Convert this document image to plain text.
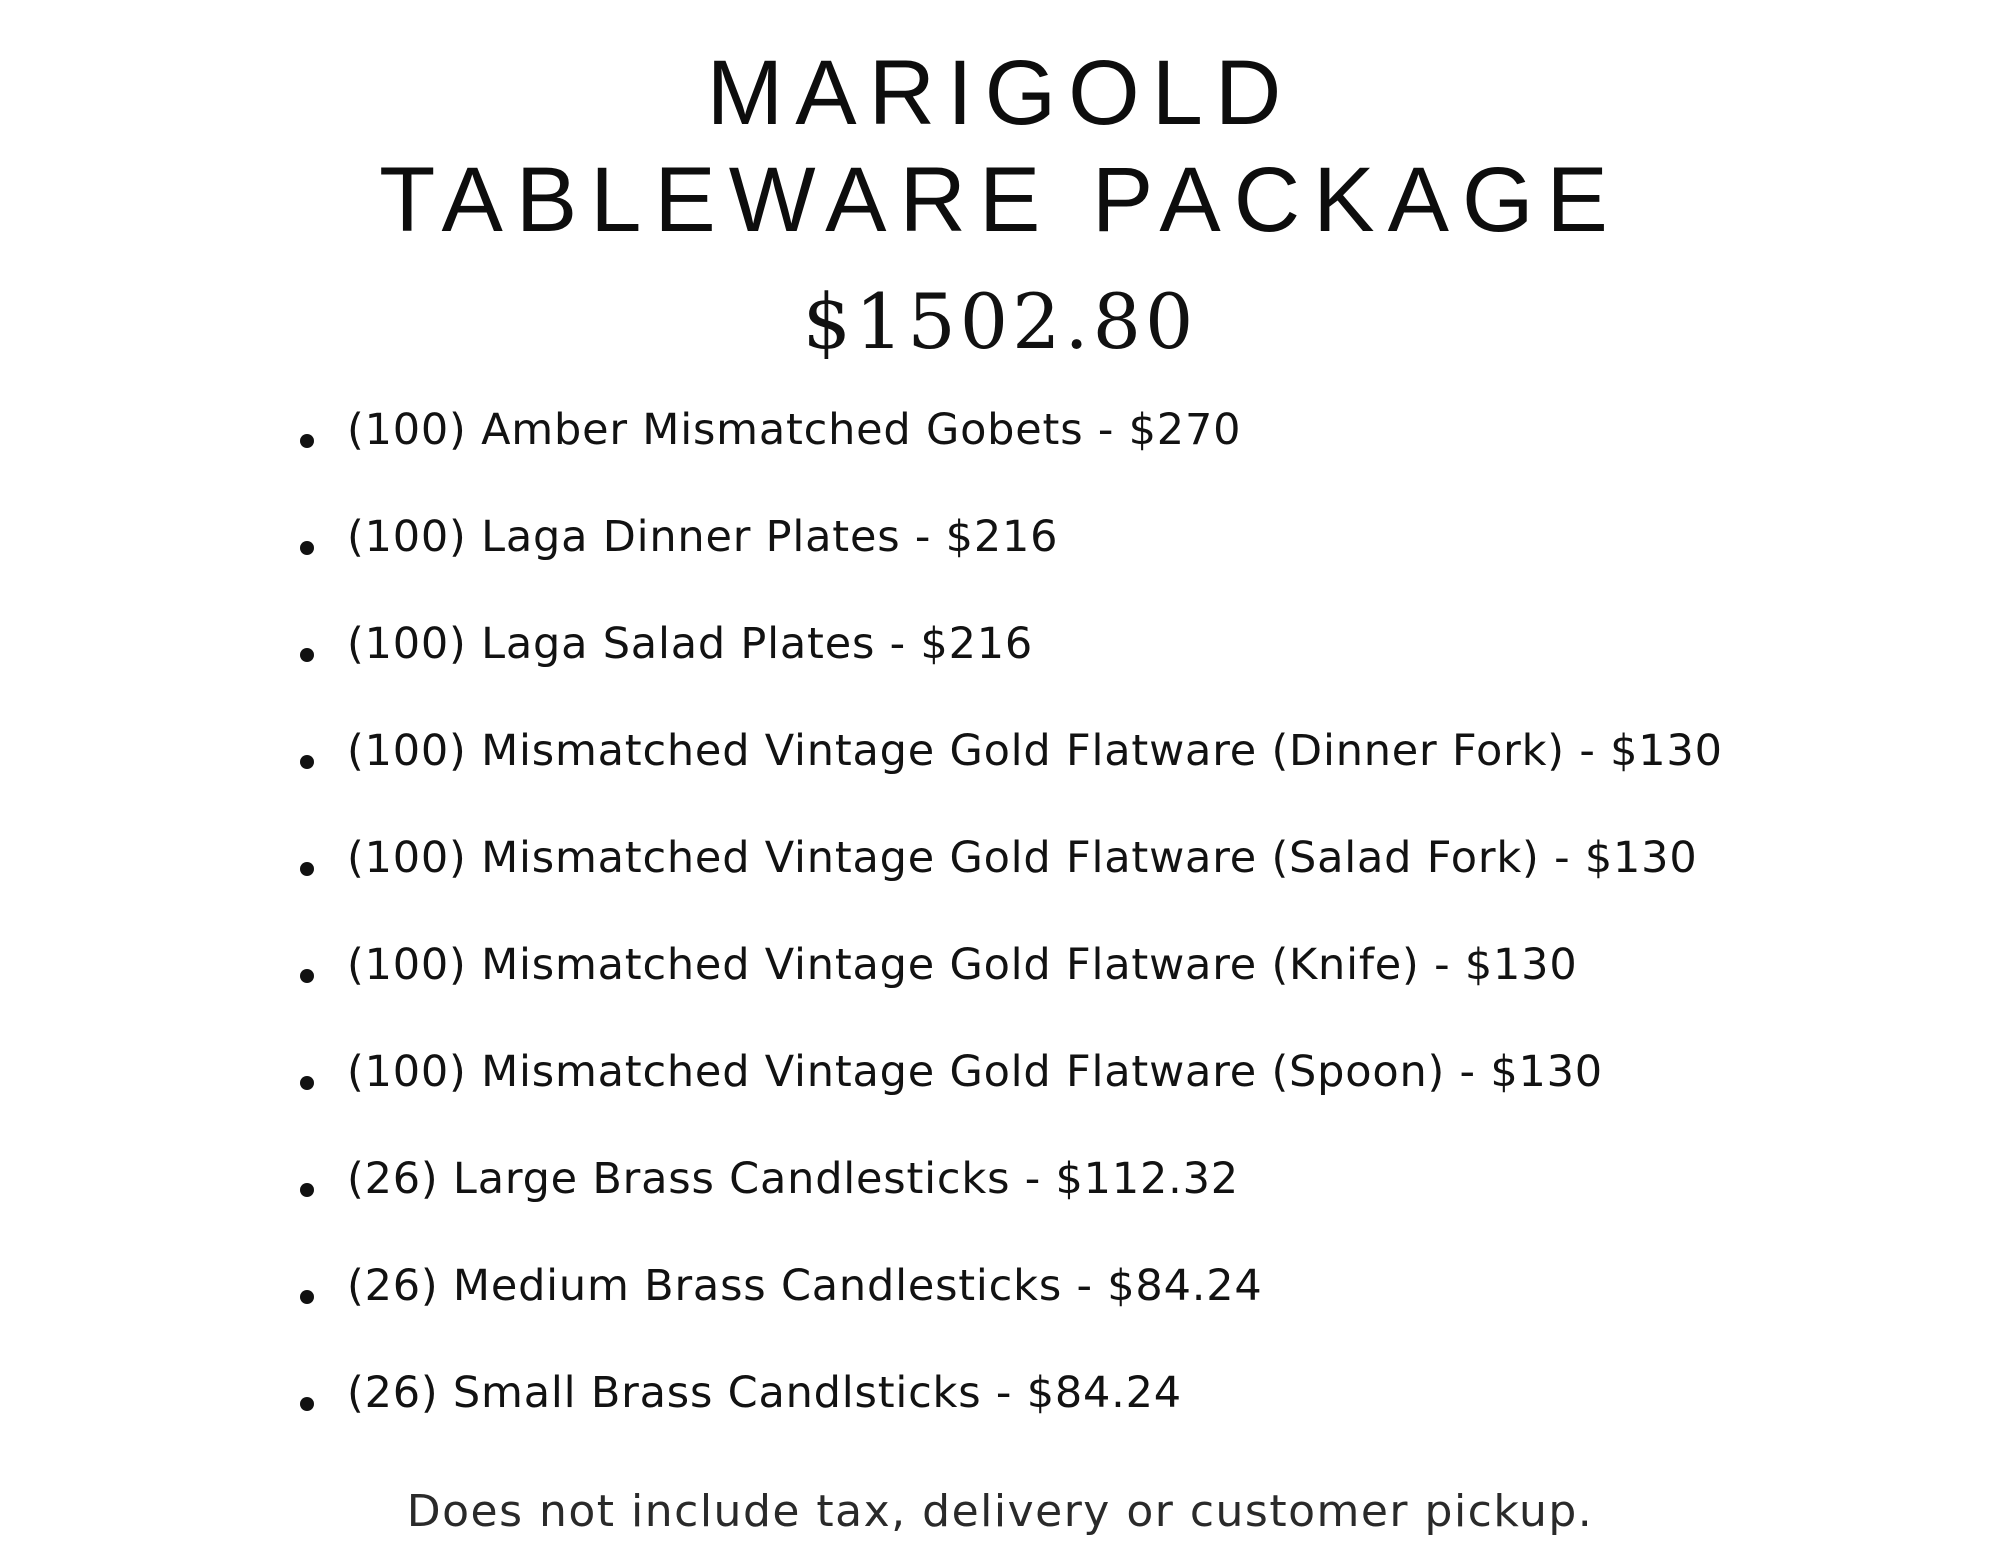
MARIGOLD
TABLEWARE PACKAGE
$1502.80
(100) Amber Mismatched Gobets - $270
(100) Laga Dinner Plates - $216
(100) Laga Salad Plates - $216
(100) Mismatched Vintage Gold Flatware (Dinner Fork) - $130
(100) Mismatched Vintage Gold Flatware (Salad Fork) - $130
(100) Mismatched Vintage Gold Flatware (Knife) - $130
(100) Mismatched Vintage Gold Flatware (Spoon) - $130
(26) Large Brass Candlesticks - $112.32
(26) Medium Brass Candlesticks - $84.24
(26) Small Brass Candlsticks - $84.24
Does not include tax, delivery or customer pickup.
